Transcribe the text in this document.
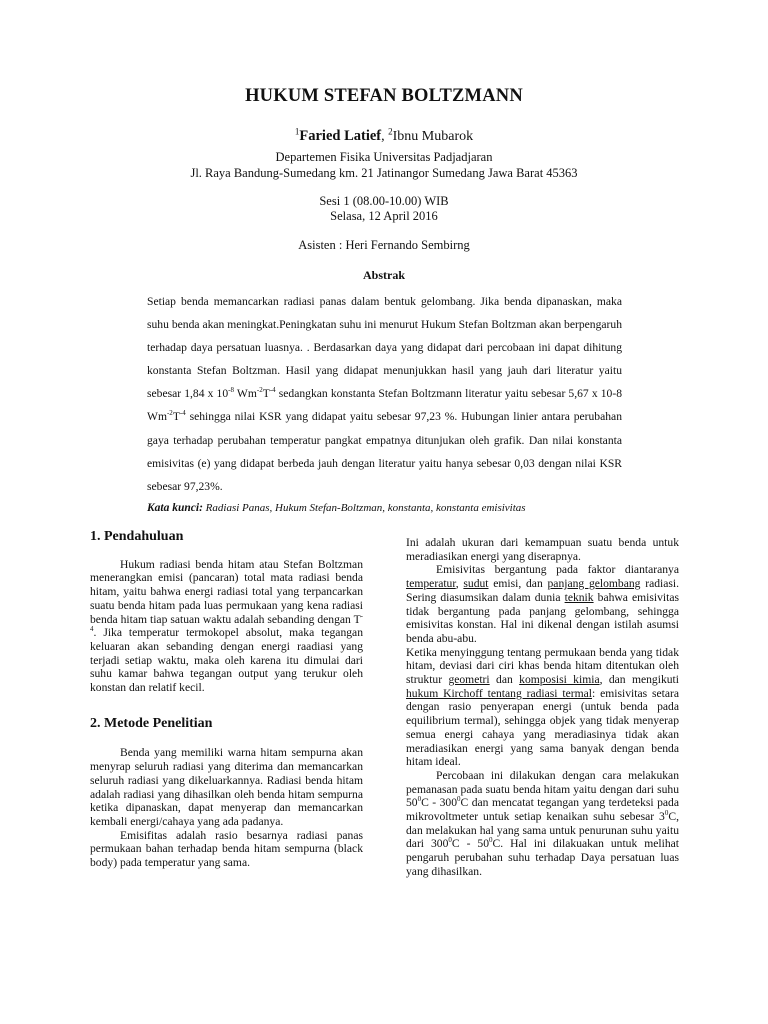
HUKUM STEFAN BOLTZMANN
$^1$Faried Latief, $^2$Ibnu Mubarok
Departemen Fisika Universitas Padjadjaran
Jl. Raya Bandung-Sumedang km. 21 Jatinangor Sumedang Jawa Barat 45363
Sesi 1 (08.00-10.00) WIB
Selasa, 12 April 2016
Asisten : Heri Fernando Sembirng
Abstrak

Setiap benda memancarkan radiasi panas dalam bentuk gelombang. Jika benda dipanaskan, maka suhu benda akan meningkat.Peningkatan suhu ini menurut Hukum Stefan Boltzman akan berpengaruh terhadap daya persatuan luasnya. . Berdasarkan daya yang didapat dari percobaan ini dapat dihitung konstanta Stefan Boltzman. Hasil yang didapat menunjukkan hasil yang jauh dari literatur yaitu sebesar 1,84 x $10^{-8}$ $Wm^{-2}T^{-4}$ sedangkan konstanta Stefan Boltzmann literatur yaitu sebesar 5,67 x 10-8 $Wm^{-2}T^{-4}$ sehingga nilai KSR yang didapat yaitu sebesar 97,23 %. Hubungan linier antara perubahan gaya terhadap perubahan temperatur pangkat empatnya ditunjukan oleh grafik. Dan nilai konstanta emisivitas (e) yang didapat berbeda jauh dengan literatur yaitu hanya sebesar 0,03 dengan nilai KSR sebesar 97,23%.

Kata kunci: Radiasi Panas, Hukum Stefan-Boltzman, konstanta, konstanta emisivitas

1. Pendahuluan

Hukum radiasi benda hitam atau Stefan Boltzman menerangkan emisi (pancaran) total mata radiasi benda hitam, yaitu bahwa energi radiasi total yang terpancarkan suatu benda hitam pada luas permukaan yang kena radiasi benda hitam tiap satuan waktu adalah sebanding dengan $T^{-4}$. Jika temperatur termokopel absolut, maka tegangan keluaran akan sebanding dengan energi raadiasi yang terjadi setiap waktu, maka oleh karena itu dimulai dari suhu kamar bahwa tegangan output yang terukur oleh konstan dan relatif kecil.

2. Metode Penelitian

Benda yang memiliki warna hitam sempurna akan menyrap seluruh radiasi yang diterima dan memancarkan seluruh radiasi yang dikeluarkannya. Radiasi benda hitam adalah radiasi yang dihasilkan oleh benda hitam sempurna ketika dipanaskan, dapat menyerap dan memancarkan kembali energi/cahaya yang ada padanya.

Emisifitas adalah rasio besarnya radiasi panas permukaan bahan terhadap benda hitam sempurna (black body) pada temperatur yang sama.

Ini adalah ukuran dari kemampuan suatu benda untuk meradiasikan energi yang diserapnya.

Emisivitas bergantung pada faktor diantaranya temperatur, sudut emisi, dan panjang gelombang radiasi. Sering diasumsikan dalam dunia teknik bahwa emisivitas tidak bergantung pada panjang gelombang, sehingga emisivitas konstan. Hal ini dikenal dengan istilah asumsi benda abu-abu.

Ketika menyinggung tentang permukaan benda yang tidak hitam, deviasi dari ciri khas benda hitam ditentukan oleh struktur geometri dan komposisi kimia, dan mengikuti hukum Kirchoff tentang radiasi termal: emisivitas setara dengan rasio penyerapan energi (untuk benda pada equilibrium termal), sehingga objek yang tidak menyerap semua energi cahaya yang meradiasinya tidak akan meradiasikan energi yang sama banyak dengan benda hitam ideal.

Percobaan ini dilakukan dengan cara melakukan pemanasan pada suatu benda hitam yaitu dengan dari suhu $50^0C - 300^0C$ dan mencatat tegangan yang terdeteksi pada mikrovoltmeter untuk setiap kenaikan suhu sebesar $3^0C$, dan melakukan hal yang sama untuk penurunan suhu yaitu dari $300^0C - 50^0C$. Hal ini dilakuakan untuk melihat pengaruh perubahan suhu terhadap Daya persatuan luas yang dihasilkan.
